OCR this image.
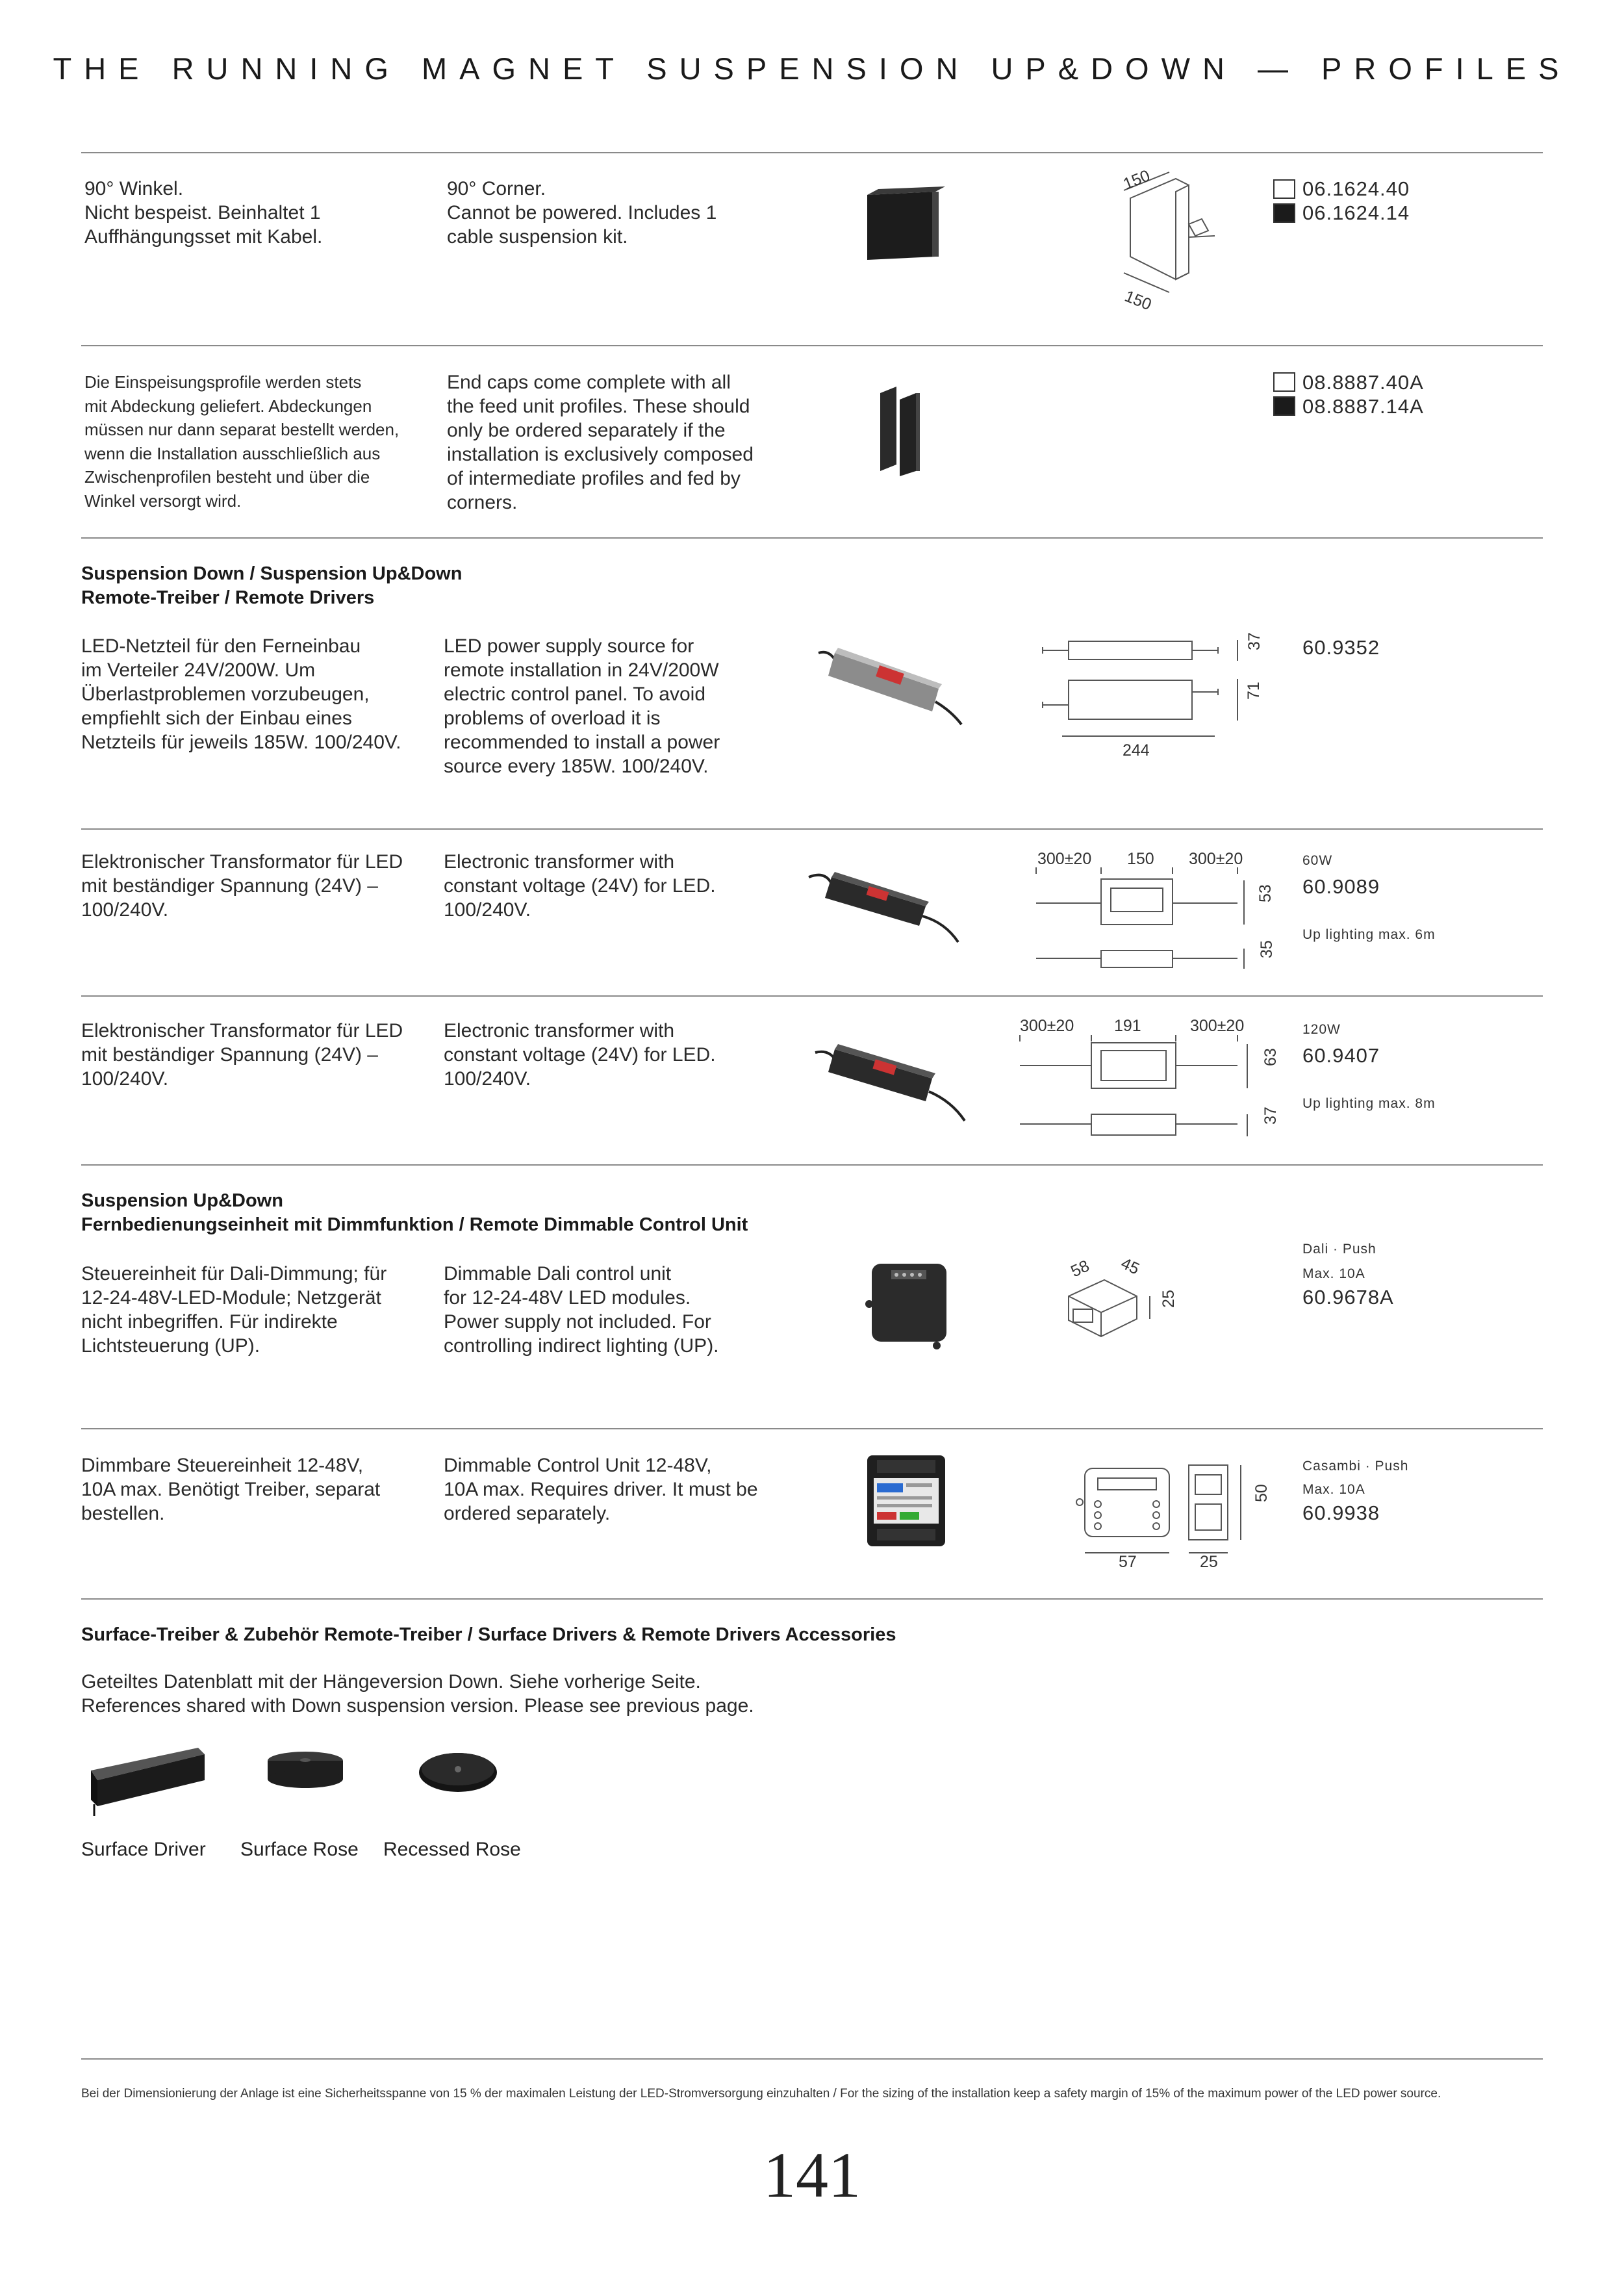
THE RUNNING MAGNET SUSPENSION UP&DOWN — PROFILES
90° Winkel.
Nicht bespeist. Beinhaltet 1
Auffhängungsset mit Kabel.
90° Corner.
Cannot be powered. Includes 1
cable suspension kit.
150
150
06.1624.40
06.1624.14
Die Einspeisungsprofile werden stets
mit Abdeckung geliefert. Abdeckungen
müssen nur dann separat bestellt werden,
wenn die Installation ausschließlich aus
Zwischenprofilen besteht und über die
Winkel versorgt wird.
End caps come complete with all
the feed unit profiles. These should
only be ordered separately if the
installation is exclusively composed
of intermediate profiles and fed by
corners.
08.8887.40A
08.8887.14A
Suspension Down / Suspension Up&Down
Remote-Treiber / Remote Drivers
LED-Netzteil für den Ferneinbau
im Verteiler 24V/200W. Um
Überlastproblemen vorzubeugen,
empfiehlt sich der Einbau eines
Netzteils für jeweils 185W. 100/240V.
LED power supply source for
remote installation in 24V/200W
electric control panel. To avoid
problems of overload it is
recommended to install a power
source every 185W. 100/240V.
37
71
244
60.9352
Elektronischer Transformator für LED
mit beständiger Spannung (24V) –
100/240V.
Electronic transformer with
constant voltage (24V) for LED.
100/240V.
300±20 150 300±20
53
35
60W
60.9089
Up lighting max. 6m
Elektronischer Transformator für LED
mit beständiger Spannung (24V) –
100/240V.
Electronic transformer with
constant voltage (24V) for LED.
100/240V.
300±20 191	300±20
63
37
120W
60.9407
Up lighting max. 8m
Suspension Up&Down
Fernbedienungseinheit mit Dimmfunktion / Remote Dimmable Control Unit
Steuereinheit für Dali-Dimmung; für
12-24-48V-LED-Module; Netzgerät
nicht inbegriffen. Für indirekte
Lichtsteuerung (UP).
Dimmable Dali control unit
for 12-24-48V LED modules.
Power supply not included. For
controlling indirect lighting (UP).
58 45
25
Dali · Push
Max. 10A
60.9678A
Dimmbare Steuereinheit 12-48V,
10A max. Benötigt Treiber, separat
bestellen.
Dimmable Control Unit 12-48V,
10A max. Requires driver. It must be
ordered separately.
50
57	25
Casambi · Push
Max. 10A
60.9938
Surface-Treiber & Zubehör Remote-Treiber / Surface Drivers & Remote Drivers Accessories
Geteiltes Datenblatt mit der Hängeversion Down. Siehe vorherige Seite.
References shared with Down suspension version. Please see previous page.
Surface Driver Surface Rose Recessed Rose
Bei der Dimensionierung der Anlage ist eine Sicherheitsspanne von 15 % der maximalen Leistung der LED-Stromversorgung einzuhalten / For the sizing of the installation keep a safety margin of 15% of the maximum power of the LED power source.
141
